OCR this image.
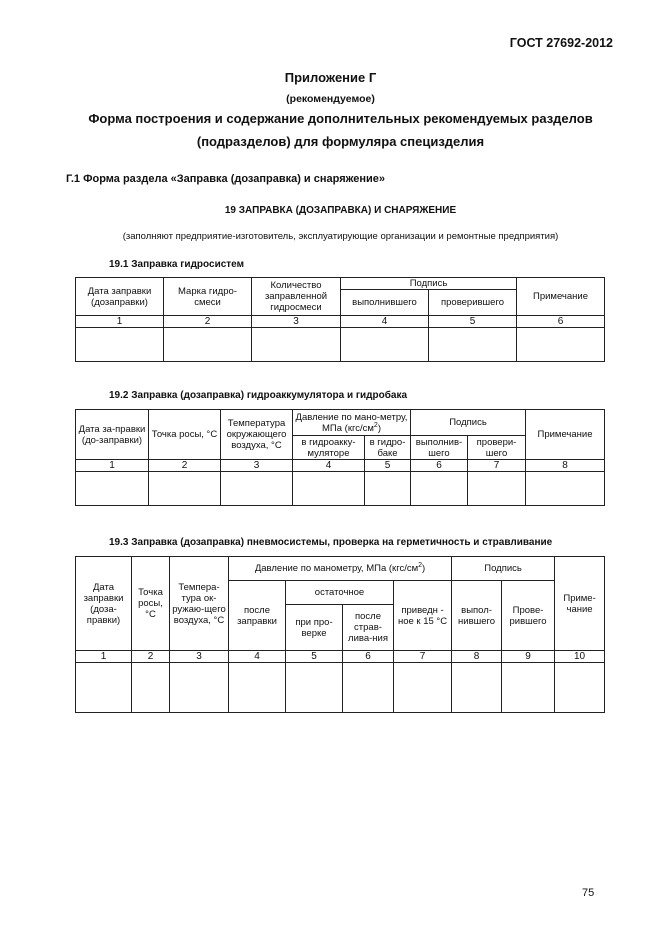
ГОСТ 27692-2012
Приложение Г
(рекомендуемое)
Форма построения и содержание дополнительных рекомендуемых разделов
(подразделов) для формуляра специзделия
Г.1 Форма раздела «Заправка (дозаправка) и снаряжение»
19 ЗАПРАВКА (ДОЗАПРАВКА) И СНАРЯЖЕНИЕ
(заполняют предприятие-изготовитель, эксплуатирующие организации и ремонтные предприятия)
19.1 Заправка гидросистем
Дата заправки (дозаправки)	Марка гидро-смеси	Количество заправленной гидросмеси	Подпись		Примечание
			выполнившего	проверившего	
1	2	3	4	5	6

19.2 Заправка (дозаправка) гидроаккумулятора и гидробака
Дата за-правки (до-заправки)	Точка росы, °С	Температура окружающего воздуха, °С	Давление по мано-метру, МПа $(кгс/см^2)$		Подпись		Примечание
			в гидроакку-муляторе	в гидро-баке	выполнив-шего	провери-шего	
1	2	3	4	5	6	7	8

19.3 Заправка (дозаправка) пневмосистемы, проверка на герметичность и стравливание
Дата заправки (доза-правки)	Точка росы, °С	Темпера-тура ок-ружаю-щего воздуха, °С	Давление по манометру, МПа $(кгс/см^2)$				Подпись		Приме-чание
			после заправки	остаточное		приведн - ное к 15 °С	выпол-нившего	Прове-рившего	
				при про-верке	после страв-лива-ния				
1	2	3	4	5	6	7	8	9	10

75
